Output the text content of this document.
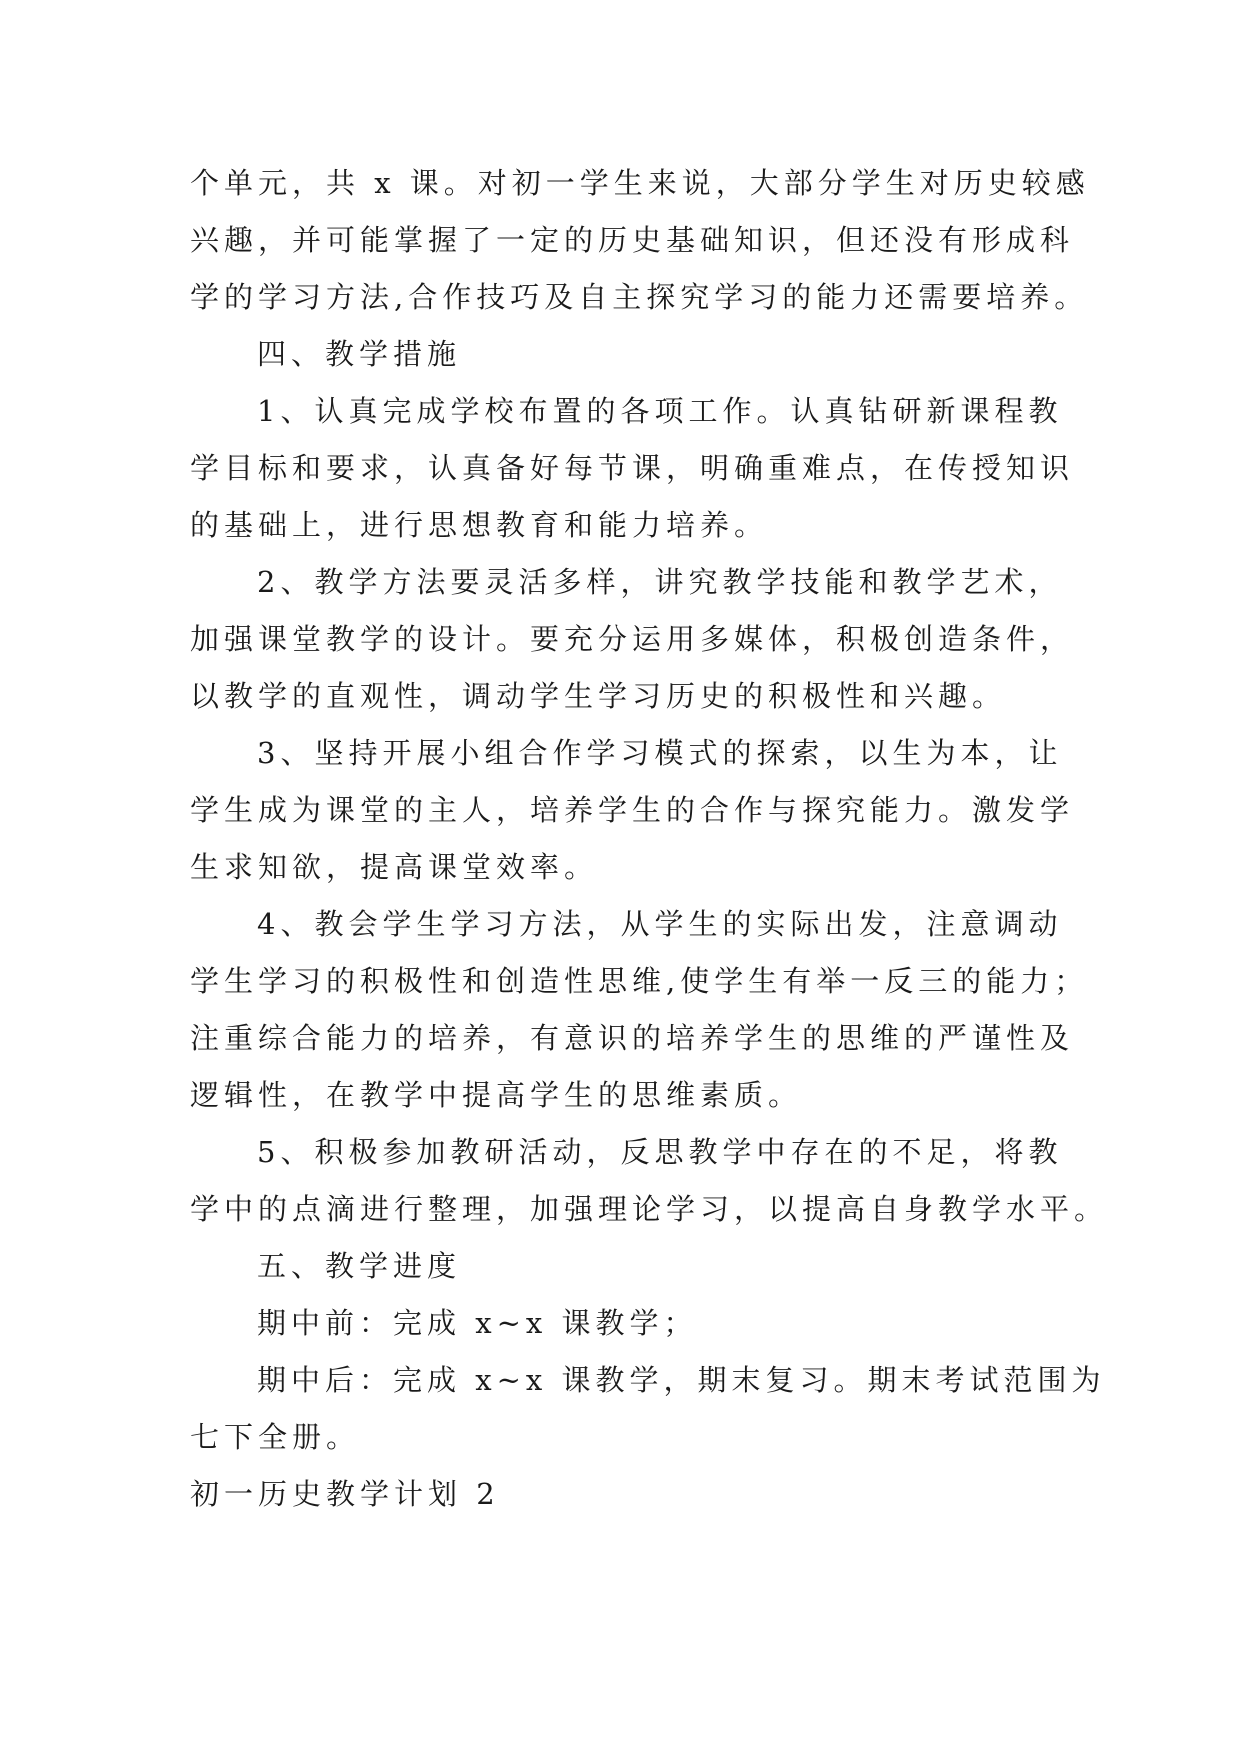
个单元，共 x 课。对初一学生来说，大部分学生对历史较感
兴趣，并可能掌握了一定的历史基础知识，但还没有形成科
学的学习方法,合作技巧及自主探究学习的能力还需要培养。
四、教学措施
1、认真完成学校布置的各项工作。认真钻研新课程教
学目标和要求，认真备好每节课，明确重难点，在传授知识
的基础上，进行思想教育和能力培养。
2、教学方法要灵活多样，讲究教学技能和教学艺术，
加强课堂教学的设计。要充分运用多媒体，积极创造条件，
以教学的直观性，调动学生学习历史的积极性和兴趣。
3、坚持开展小组合作学习模式的探索，以生为本，让
学生成为课堂的主人，培养学生的合作与探究能力。激发学
生求知欲，提高课堂效率。
4、教会学生学习方法，从学生的实际出发，注意调动
学生学习的积极性和创造性思维,使学生有举一反三的能力；
注重综合能力的培养，有意识的培养学生的思维的严谨性及
逻辑性，在教学中提高学生的思维素质。
5、积极参加教研活动，反思教学中存在的不足，将教
学中的点滴进行整理，加强理论学习，以提高自身教学水平。
五、教学进度
期中前：完成 x~x 课教学；
期中后：完成 x~x 课教学，期末复习。期末考试范围为
七下全册。
初一历史教学计划 2
